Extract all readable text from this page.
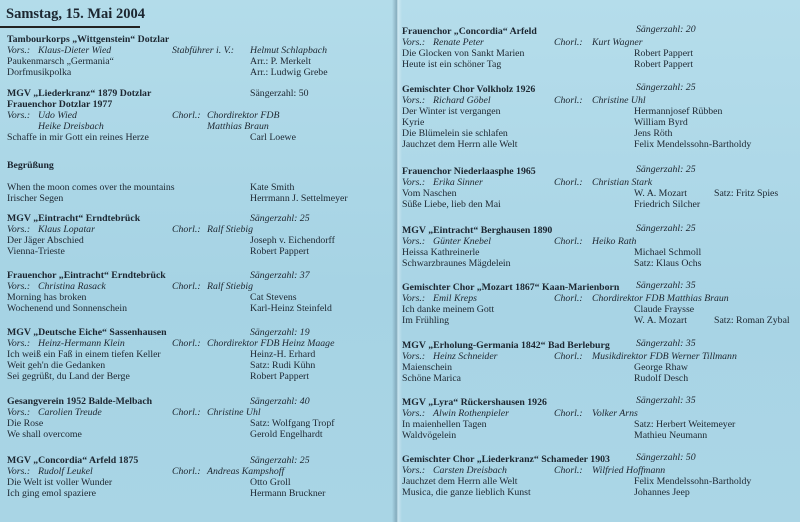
Samstag, 15. Mai 2004
Tambourkorps „Wittgenstein“ Dotzlar
Vors.: Klaus-Dieter Wied	Stabführer i. V.: Helmut Schlapbach
Paukenmarsch „Germania“	Arr.: P. Merkelt
Dorfmusikpolka	Arr.: Ludwig Grebe
MGV „Liederkranz“ 1879 Dotzlar	Sängerzahl: 50
Frauenchor Dotzlar 1977
Vors.: Udo Wied	Chorl.: Chordirektor FDB
Heike Dreisbach	Matthias Braun
Schaffe in mir Gott ein reines Herze	Carl Loewe
Begrüßung
When the moon comes over the mountains	Kate Smith
Irischer Segen	Herrmann J. Settelmeyer
MGV „Eintracht“ Erndtebrück	Sängerzahl: 25
Vors.: Klaus Lopatar	Chorl.: Ralf Stiebig
Der Jäger Abschied	Joseph v. Eichendorff
Vienna-Trieste	Robert Pappert
Frauenchor „Eintracht“ Erndtebrück	Sängerzahl: 37
Vors.: Christina Rasack	Chorl.: Ralf Stiebig
Morning has broken	Cat Stevens
Wochenend und Sonnenschein	Karl-Heinz Steinfeld
MGV „Deutsche Eiche“ Sassenhausen	Sängerzahl: 19
Vors.: Heinz-Hermann Klein	Chorl.: Chordirektor FDB Heinz Maage
Ich weiß ein Faß in einem tiefen Keller	Heinz-H. Erhard
Weit geh'n die Gedanken	Satz: Rudi Kühn
Sei gegrüßt, du Land der Berge	Robert Pappert
Gesangverein 1952 Balde-Melbach	Sängerzahl: 40
Vors.: Carolien Treude	Chorl.: Christine Uhl
Die Rose	Satz: Wolfgang Tropf
We shall overcome	Gerold Engelhardt
MGV „Concordia“ Arfeld 1875	Sängerzahl: 25
Vors.: Rudolf Leukel	Chorl.: Andreas Kampshoff
Die Welt ist voller Wunder	Otto Groll
Ich ging emol spaziere	Hermann Bruckner
Frauenchor „Concordia“ Arfeld	Sängerzahl: 20
Vors.: Renate Peter	Chorl.: Kurt Wagner
Die Glocken von Sankt Marien	Robert Pappert
Heute ist ein schöner Tag	Robert Pappert
Gemischter Chor Volkholz 1926	Sängerzahl: 25
Vors.: Richard Göbel	Chorl.: Christine Uhl
Der Winter ist vergangen	Hermannjosef Rübben
Kyrie	William Byrd
Die Blümelein sie schlafen	Jens Röth
Jauchzet dem Herrn alle Welt	Felix Mendelssohn-Bartholdy
Frauenchor Niederlaasphe 1965	Sängerzahl: 25
Vors.: Erika Sinner	Chorl.: Christian Stark
Vom Naschen	W. A. Mozart	Satz: Fritz Spies
Süße Liebe, lieb den Mai	Friedrich Silcher
MGV „Eintracht“ Berghausen 1890	Sängerzahl: 25
Vors.: Günter Knebel	Chorl.: Heiko Rath
Heissa Kathreinerle	Michael Schmoll
Schwarzbraunes Mägdelein	Satz: Klaus Ochs
Gemischter Chor „Mozart 1867“ Kaan-Marienborn Sängerzahl: 35
Vors.: Emil Kreps	Chorl.: Chordirektor FDB Matthias Braun
Ich danke meinem Gott	Claude Fraysse
Im Frühling	W. A. Mozart	Satz: Roman Zybal
MGV „Erholung-Germania 1842“ Bad Berleburg	Sängerzahl: 35
Vors.: Heinz Schneider	Chorl.: Musikdirektor FDB Werner Tillmann
Maienschein	George Rhaw
Schöne Marica	Rudolf Desch
MGV „Lyra“ Rückershausen 1926	Sängerzahl: 35
Vors.: Alwin Rothenpieler	Chorl.: Volker Arns
In maienhellen Tagen	Satz: Herbert Weitemeyer
Waldvögelein	Mathieu Neumann
Gemischter Chor „Liederkranz“ Schameder 1903	Sängerzahl: 50
Vors.: Carsten Dreisbach	Chorl.: Wilfried Hoffmann
Jauchzet dem Herrn alle Welt	Felix Mendelssohn-Bartholdy
Musica, die ganze lieblich Kunst	Johannes Jeep
